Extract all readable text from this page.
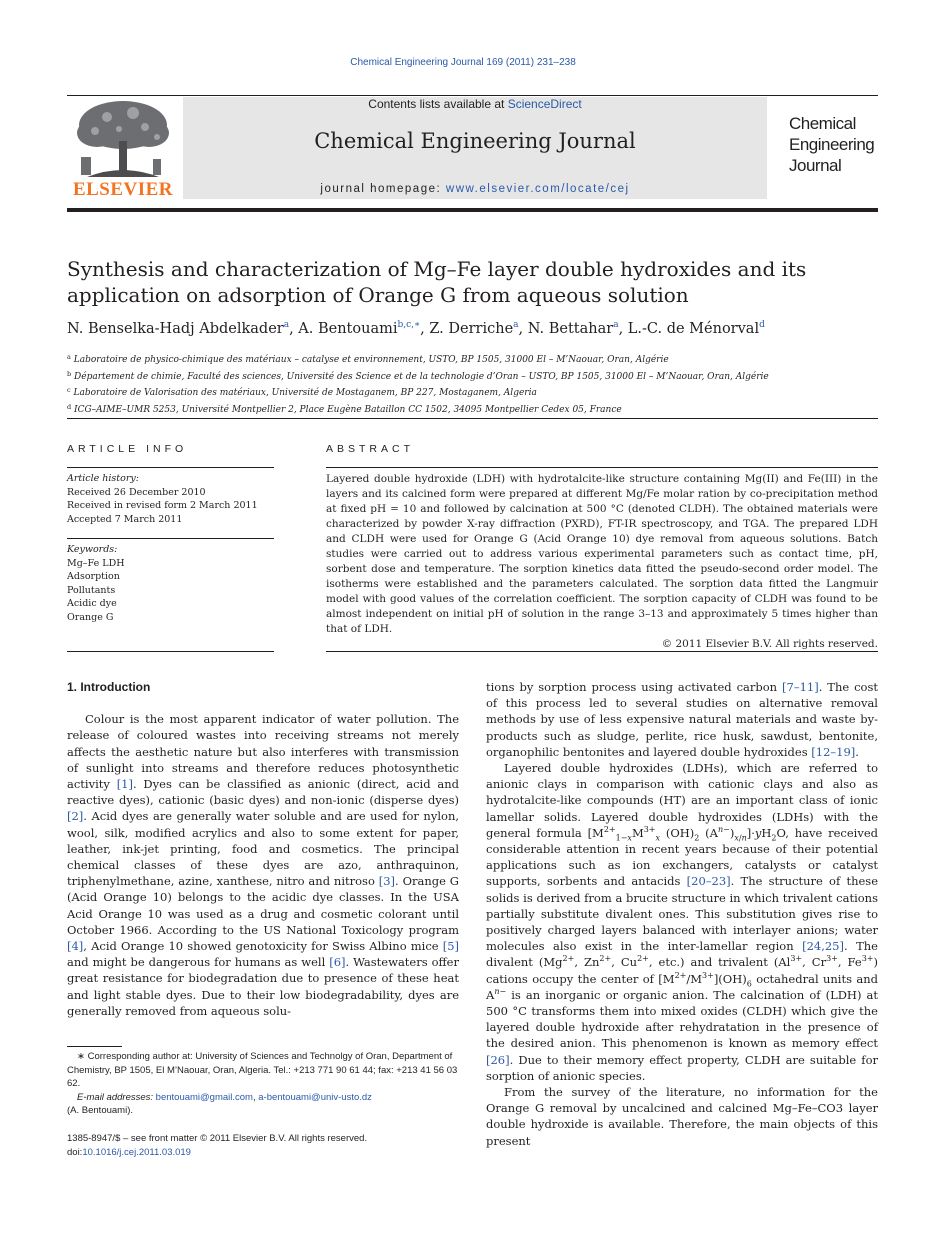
Chemical Engineering Journal 169 (2011) 231–238
ELSEVIER
Contents lists available at ScienceDirect
Chemical Engineering Journal
journal homepage: www.elsevier.com/locate/cej
Chemical
Engineering
Journal
Synthesis and characterization of Mg–Fe layer double hydroxides and its application on adsorption of Orange G from aqueous solution
N. Benselka-Hadj Abdelkader$^a$, A. Bentouami$^{b,c,∗}$, Z. Derriche$^a$, N. Bettahar$^a$, L.-C. de Ménorval$^d$
$^a$ Laboratoire de physico-chimique des matériaux – catalyse et environnement, USTO, BP 1505, 31000 El – M’Naouar, Oran, Algérie
$^b$ Département de chimie, Faculté des sciences, Université des Science et de la technologie d’Oran – USTO, BP 1505, 31000 El – M’Naouar, Oran, Algérie
$^c$ Laboratoire de Valorisation des matériaux, Université de Mostaganem, BP 227, Mostaganem, Algeria
$^d$ ICG–AIME–UMR 5253, Université Montpellier 2, Place Eugène Bataillon CC 1502, 34095 Montpellier Cedex 05, France
ARTICLE INFO
Article history:
Received 26 December 2010
Received in revised form 2 March 2011
Accepted 7 March 2011
Keywords:
Mg–Fe LDH
Adsorption
Pollutants
Acidic dye
Orange G
ABSTRACT
Layered double hydroxide (LDH) with hydrotalcite-like structure containing Mg(II) and Fe(III) in the layers and its calcined form were prepared at different Mg/Fe molar ration by co-precipitation method at fixed pH = 10 and followed by calcination at 500 °C (denoted CLDH). The obtained materials were characterized by powder X-ray diffraction (PXRD), FT-IR spectroscopy, and TGA. The prepared LDH and CLDH were used for Orange G (Acid Orange 10) dye removal from aqueous solutions. Batch studies were carried out to address various experimental parameters such as contact time, pH, sorbent dose and temperature. The sorption kinetics data fitted the pseudo-second order model. The isotherms were established and the parameters calculated. The sorption data fitted the Langmuir model with good values of the correlation coefficient. The sorption capacity of CLDH was found to be almost independent on initial pH of solution in the range 3–13 and approximately 5 times higher than that of LDH.
© 2011 Elsevier B.V. All rights reserved.

1. Introduction

Colour is the most apparent indicator of water pollution. The release of coloured wastes into receiving streams not merely affects the aesthetic nature but also interferes with transmission of sunlight into streams and therefore reduces photosynthetic activity [1]. Dyes can be classified as anionic (direct, acid and reactive dyes), cationic (basic dyes) and non-ionic (disperse dyes) [2]. Acid dyes are generally water soluble and are used for nylon, wool, silk, modified acrylics and also to some extent for paper, leather, ink-jet printing, food and cosmetics. The principal chemical classes of these dyes are azo, anthraquinon, triphenylmethane, azine, xanthese, nitro and nitroso [3]. Orange G (Acid Orange 10) belongs to the acidic dye classes. In the USA Acid Orange 10 was used as a drug and cosmetic colorant until October 1966. According to the US National Toxicology program [4], Acid Orange 10 showed genotoxicity for Swiss Albino mice [5] and might be dangerous for humans as well [6]. Wastewaters offer great resistance for biodegradation due to presence of these heat and light stable dyes. Due to their low biodegradability, dyes are generally removed from aqueous solu-

tions by sorption process using activated carbon [7–11]. The cost of this process led to several studies on alternative removal methods by use of less expensive natural materials and waste by-products such as sludge, perlite, rice husk, sawdust, bentonite, organophilic bentonites and layered double hydroxides [12–19].

Layered double hydroxides (LDHs), which are referred to anionic clays in comparison with cationic clays and also as hydrotalcite-like compounds (HT) are an important class of ionic lamellar solids. Layered double hydroxides (LDHs) with the general formula [$M^{2+}_{1-x}M^{3+}_x$ $(OH)_2$ $(A^{n-})_{x/n}]\cdot yH_2O$, have received considerable attention in recent years because of their potential applications such as ion exchangers, catalysts or catalyst supports, sorbents and antacids [20–23]. The structure of these solids is derived from a brucite structure in which trivalent cations partially substitute divalent ones. This substitution gives rise to positively charged layers balanced with interlayer anions; water molecules also exist in the inter-lamellar region [24,25]. The divalent ($Mg^{2+}$, $Zn^{2+}$, $Cu^{2+}$, etc.) and trivalent ($Al^{3+}$, $Cr^{3+}$, $Fe^{3+}$) cations occupy the center of $[M^{2+}/M^{3+}](OH)_6$ octahedral units and $A^{n-}$ is an inorganic or organic anion. The calcination of (LDH) at 500 °C transforms them into mixed oxides (CLDH) which give the layered double hydroxide after rehydratation in the presence of the desired anion. This phenomenon is known as memory effect [26]. Due to their memory effect property, CLDH are suitable for sorption of anionic species.

From the survey of the literature, no information for the Orange G removal by uncalcined and calcined Mg–Fe–CO3 layer double hydroxide is available. Therefore, the main objects of this present

∗ Corresponding author at: University of Sciences and Technolgy of Oran, Department of Chemistry, BP 1505, El M’Naouar, Oran, Algeria. Tel.: +213 771 90 61 44; fax: +213 41 56 03 62.
E-mail addresses: bentouami@gmail.com, a-bentouami@univ-usto.dz
(A. Bentouami).
1385-8947/$ – see front matter © 2011 Elsevier B.V. All rights reserved.
doi:10.1016/j.cej.2011.03.019
